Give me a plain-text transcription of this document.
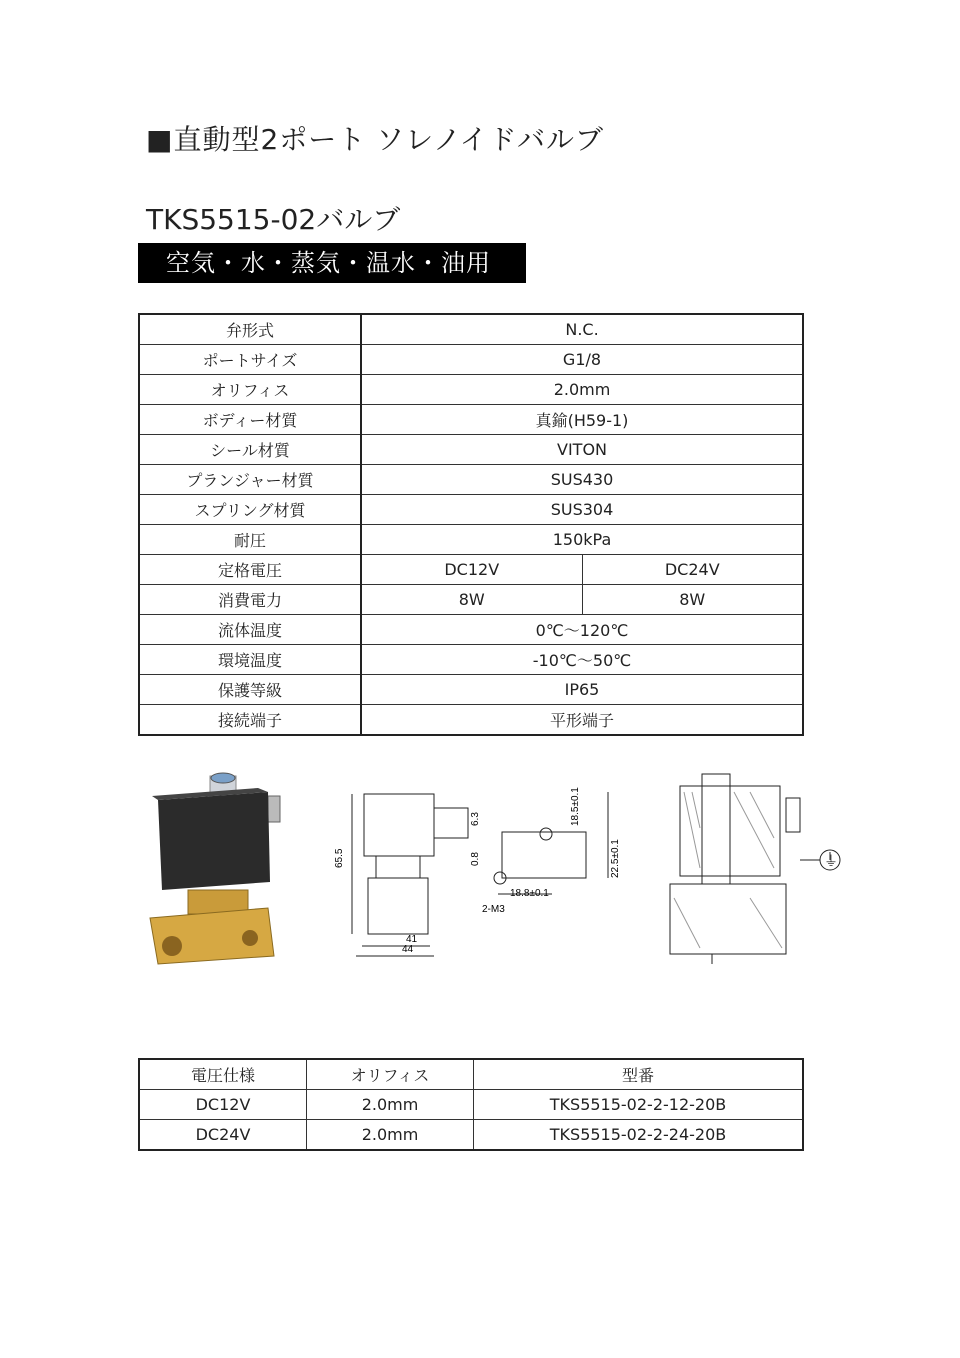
■直動型2ポート ソレノイドバルブ
TKS5515-02バルブ
空気・水・蒸気・温水・油用
弁形式	N.C.	
ポートサイズ	G1/8	
オリフィス	2.0mm	
ボディー材質	真鍮(H59-1)	
シール材質	VITON	
プランジャー材質	SUS430	
スプリング材質	SUS304	
耐圧	150kPa	
定格電圧	DC12V	DC24V
消費電力	8W	8W
流体温度	0℃～120℃	
環境温度	-10℃～50℃	
保護等級	IP65	
接続端子	平形端子	
65.5
6.3
0.8
18.5±0.1
22.5±0.1
18.8±0.1
2-M3
41
44
⏚
電圧仕様	オリフィス	型番
DC12V	2.0mm	TKS5515-02-2-12-20B
DC24V	2.0mm	TKS5515-02-2-24-20B
